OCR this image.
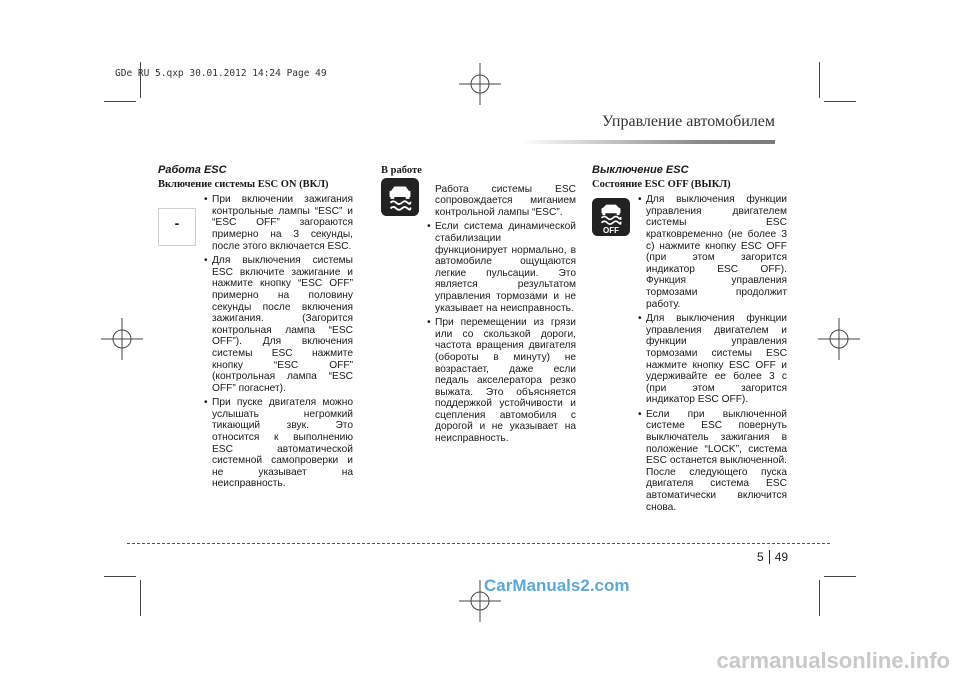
GDe RU 5.qxp 30.01.2012 14:24 Page 49
Управление автомобилем
Работа ESC
Включение системы ESC ON (ВКЛ)
-
• При включении зажигания контрольные лампы “ESC” и “ESC OFF” загораются примерно на 3 секунды, после этого включается ESC.
• Для выключения системы ESC включите зажигание и нажмите кнопку “ESC OFF” примерно на половину секунды после включения зажигания. (Загорится контрольная лампа “ESC OFF”). Для включения системы ESC нажмите кнопку “ESC OFF” (контрольная лампа “ESC OFF” погаснет).
• При пуске двигателя можно услышать негромкий тикающий звук. Это относится к выполнению ESC автоматической системной самопроверки и не указывает на неисправность.
В работе

Работа системы ESC сопровождается миганием контрольной лампы “ESC”.

• Если система динамической стабилизации функционирует нормально, в автомобиле ощущаются легкие пульсации. Это является результатом управления тормозами и не указывает на неисправность.
• При перемещении из грязи или со скользкой дороги, частота вращения двигателя (обороты в минуту) не возрастает, даже если педаль акселератора резко выжата. Это объясняется поддержкой устойчивости и сцепления автомобиля с дорогой и не указывает на неисправность.
Выключение ESC
Состояние ESC OFF (ВЫКЛ)
OFF
• Для выключения функции управления двигателем системы ESC кратковременно (не более 3 с) нажмите кнопку ESC OFF (при этом загорится индикатор ESC OFF). Функция управления тормозами продолжит работу.
• Для выключения функции управления двигателем и функции управления тормозами системы ESC нажмите кнопку ESC OFF и удерживайте ее более 3 с (при этом загорится индикатор ESC OFF).
• Если при выключенной системе ESC повернуть выключатель зажигания в положение “LOCK”, система ESC останется выключенной. После следующего пуска двигателя система ESC автоматически включится снова.
5 49
CarManuals2.com
carmanualsonline.info
